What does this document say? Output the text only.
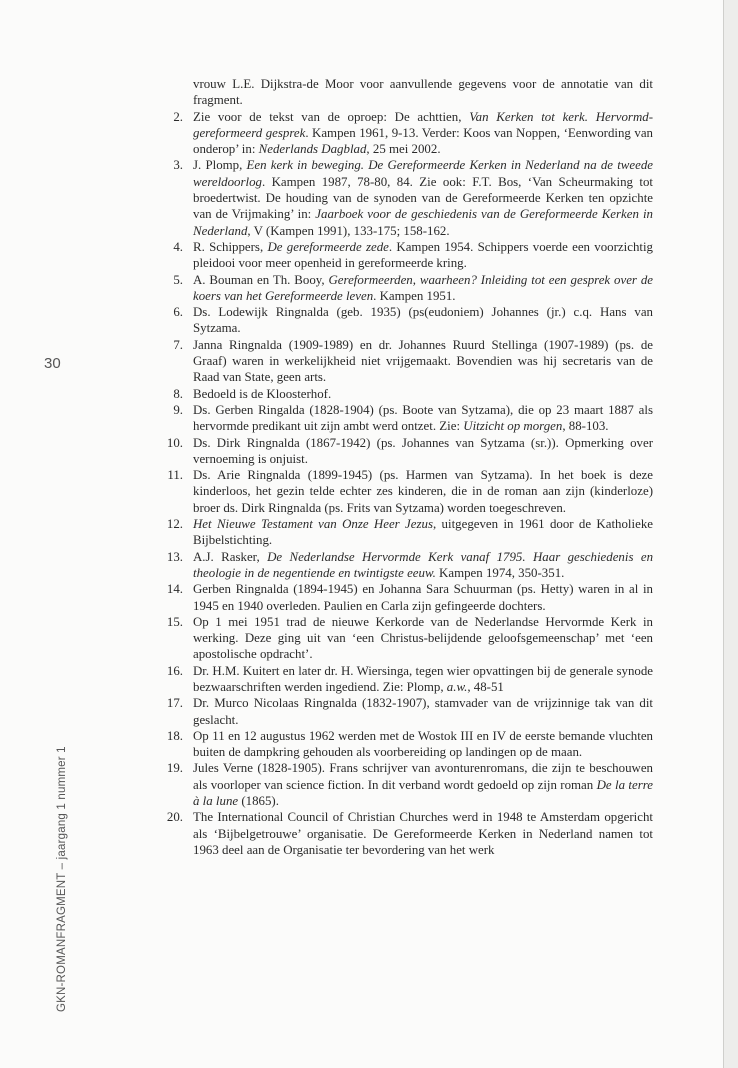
30
GKN-ROMANFRAGMENT – jaargang 1 nummer 1
vrouw L.E. Dijkstra-de Moor voor aanvullende gegevens voor de annotatie van dit fragment.
2. Zie voor de tekst van de oproep: De achttien, Van Kerken tot kerk. Hervormd-gereformeerd gesprek. Kampen 1961, 9-13. Verder: Koos van Noppen, ‘Eenwording van onderop’ in: Nederlands Dagblad, 25 mei 2002.
3. J. Plomp, Een kerk in beweging. De Gereformeerde Kerken in Nederland na de tweede wereldoorlog. Kampen 1987, 78-80, 84. Zie ook: F.T. Bos, ‘Van Scheurmaking tot broedertwist. De houding van de synoden van de Gereformeerde Kerken ten opzichte van de Vrijmaking’ in: Jaarboek voor de geschiedenis van de Gereformeerde Kerken in Nederland, V (Kampen 1991), 133-175; 158-162.
4. R. Schippers, De gereformeerde zede. Kampen 1954. Schippers voerde een voorzichtig pleidooi voor meer openheid in gereformeerde kring.
5. A. Bouman en Th. Booy, Gereformeerden, waarheen? Inleiding tot een gesprek over de koers van het Gereformeerde leven. Kampen 1951.
6. Ds. Lodewijk Ringnalda (geb. 1935) (ps(eudoniem) Johannes (jr.) c.q. Hans van Sytzama.
7. Janna Ringnalda (1909-1989) en dr. Johannes Ruurd Stellinga (1907-1989) (ps. de Graaf) waren in werkelijkheid niet vrijgemaakt. Bovendien was hij secretaris van de Raad van State, geen arts.
8. Bedoeld is de Kloosterhof.
9. Ds. Gerben Ringalda (1828-1904) (ps. Boote van Sytzama), die op 23 maart 1887 als hervormde predikant uit zijn ambt werd ontzet. Zie: Uitzicht op morgen, 88-103.
10. Ds. Dirk Ringnalda (1867-1942) (ps. Johannes van Sytzama (sr.)). Opmerking over vernoeming is onjuist.
11. Ds. Arie Ringnalda (1899-1945) (ps. Harmen van Sytzama). In het boek is deze kinderloos, het gezin telde echter zes kinderen, die in de roman aan zijn (kinderloze) broer ds. Dirk Ringnalda (ps. Frits van Sytzama) worden toegeschreven.
12. Het Nieuwe Testament van Onze Heer Jezus, uitgegeven in 1961 door de Katholieke Bijbelstichting.
13. A.J. Rasker, De Nederlandse Hervormde Kerk vanaf 1795. Haar geschiedenis en theologie in de negentiende en twintigste eeuw. Kampen 1974, 350-351.
14. Gerben Ringnalda (1894-1945) en Johanna Sara Schuurman (ps. Hetty) waren in al in 1945 en 1940 overleden. Paulien en Carla zijn gefingeerde dochters.
15. Op 1 mei 1951 trad de nieuwe Kerkorde van de Nederlandse Hervormde Kerk in werking. Deze ging uit van ‘een Christus-belijdende geloofsgemeenschap’ met ‘een apostolische opdracht’.
16. Dr. H.M. Kuitert en later dr. H. Wiersinga, tegen wier opvattingen bij de generale synode bezwaarschriften werden ingediend. Zie: Plomp, a.w., 48-51
17. Dr. Murco Nicolaas Ringnalda (1832-1907), stamvader van de vrijzinnige tak van dit geslacht.
18. Op 11 en 12 augustus 1962 werden met de Wostok III en IV de eerste bemande vluchten buiten de dampkring gehouden als voorbereiding op landingen op de maan.
19. Jules Verne (1828-1905). Frans schrijver van avonturenromans, die zijn te beschouwen als voorloper van science fiction. In dit verband wordt gedoeld op zijn roman De la terre à la lune (1865).
20. The International Council of Christian Churches werd in 1948 te Amsterdam opgericht als ‘Bijbelgetrouwe’ organisatie. De Gereformeerde Kerken in Nederland namen tot 1963 deel aan de Organisatie ter bevordering van het werk
